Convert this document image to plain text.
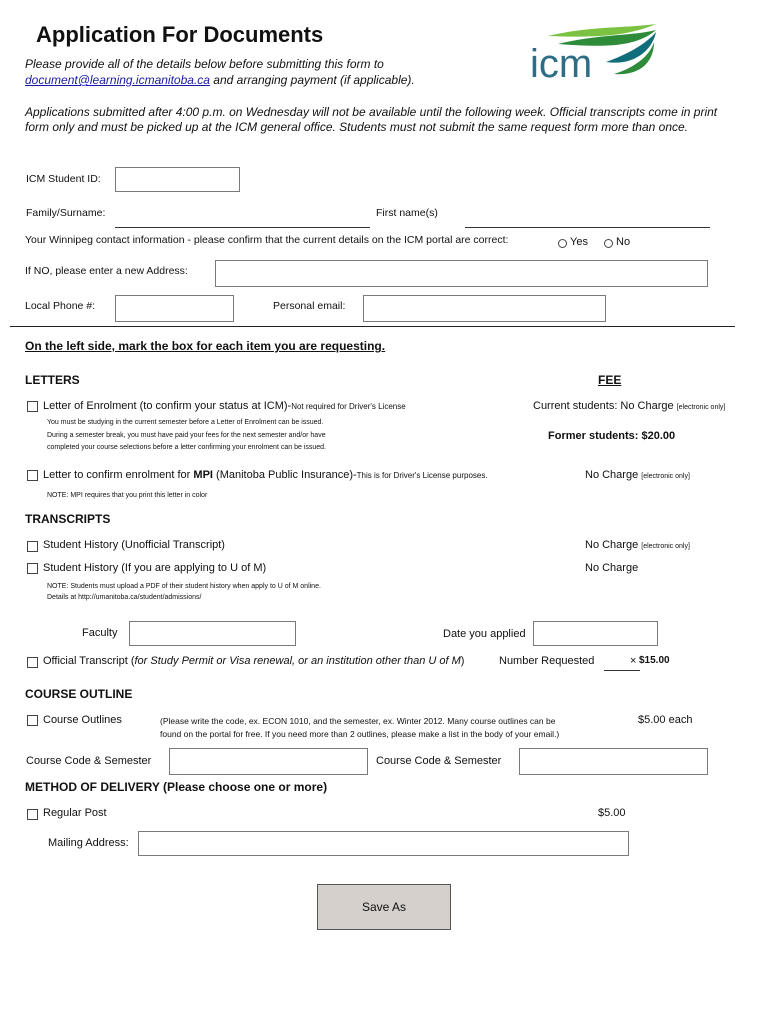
Application For Documents
Please provide all of the details below before submitting this form to
document@learning.icmanitoba.ca and arranging payment (if applicable).	icm
Applications submitted after 4:00 p.m. on Wednesday will not be available until the following week. Official transcripts come in print form only and must be picked up at the ICM general office. Students must not submit the same request form more than once.
ICM Student ID:
Family/Surname:	First name(s)
Your Winnipeg contact information - please confirm that the current details on the ICM portal are correct:	Yes	No
If NO, please enter a new Address:
Local Phone #:	Personal email:
On the left side, mark the box for each item you are requesting.
LETTERS	FEE
Letter of Enrolment (to confirm your status at ICM)-Not required for Driver's License	Current students: No Charge [electronic only]
You must be studying in the current semester before a Letter of Enrolment can be issued.
During a semester break, you must have paid your fees for the next semester and/or have
completed your course selections before a letter confirming your enrolment can be issued.
Former students: $20.00
Letter to confirm enrolment for MPI (Manitoba Public Insurance)-This is for Driver's License purposes.	No Charge [electronic only]
NOTE: MPI requires that you print this letter in color
TRANSCRIPTS
Student History (Unofficial Transcript)	No Charge [electronic only]
Student History (If you are applying to U of M)	No Charge
NOTE: Students must upload a PDF of their student history when apply to U of M online.
Details at http://umanitoba.ca/student/admissions/
Faculty	Date you applied
Official Transcript (for Study Permit or Visa renewal, or an institution other than U of M)	Number Requested	× $15.00
COURSE OUTLINE
Course Outlines	(Please write the code, ex. ECON 1010, and the semester, ex. Winter 2012. Many course outlines can be
found on the portal for free. If you need more than 2 outlines, please make a list in the body of your email.)
$5.00 each
Course Code & Semester	Course Code & Semester
METHOD OF DELIVERY (Please choose one or more)
Regular Post	$5.00
Mailing Address:
Save As
